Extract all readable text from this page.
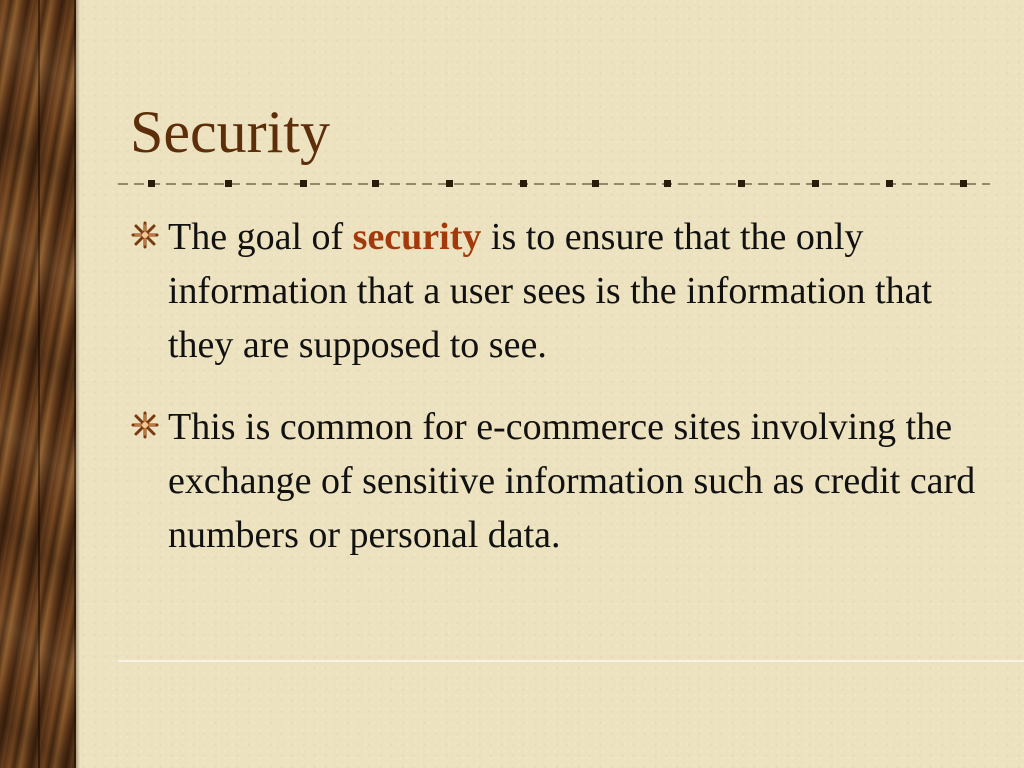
Security
The goal of security is to ensure that the only information that a user sees is the information that they are supposed to see.
This is common for e-commerce sites involving the exchange of sensitive information such as credit card numbers or personal data.
